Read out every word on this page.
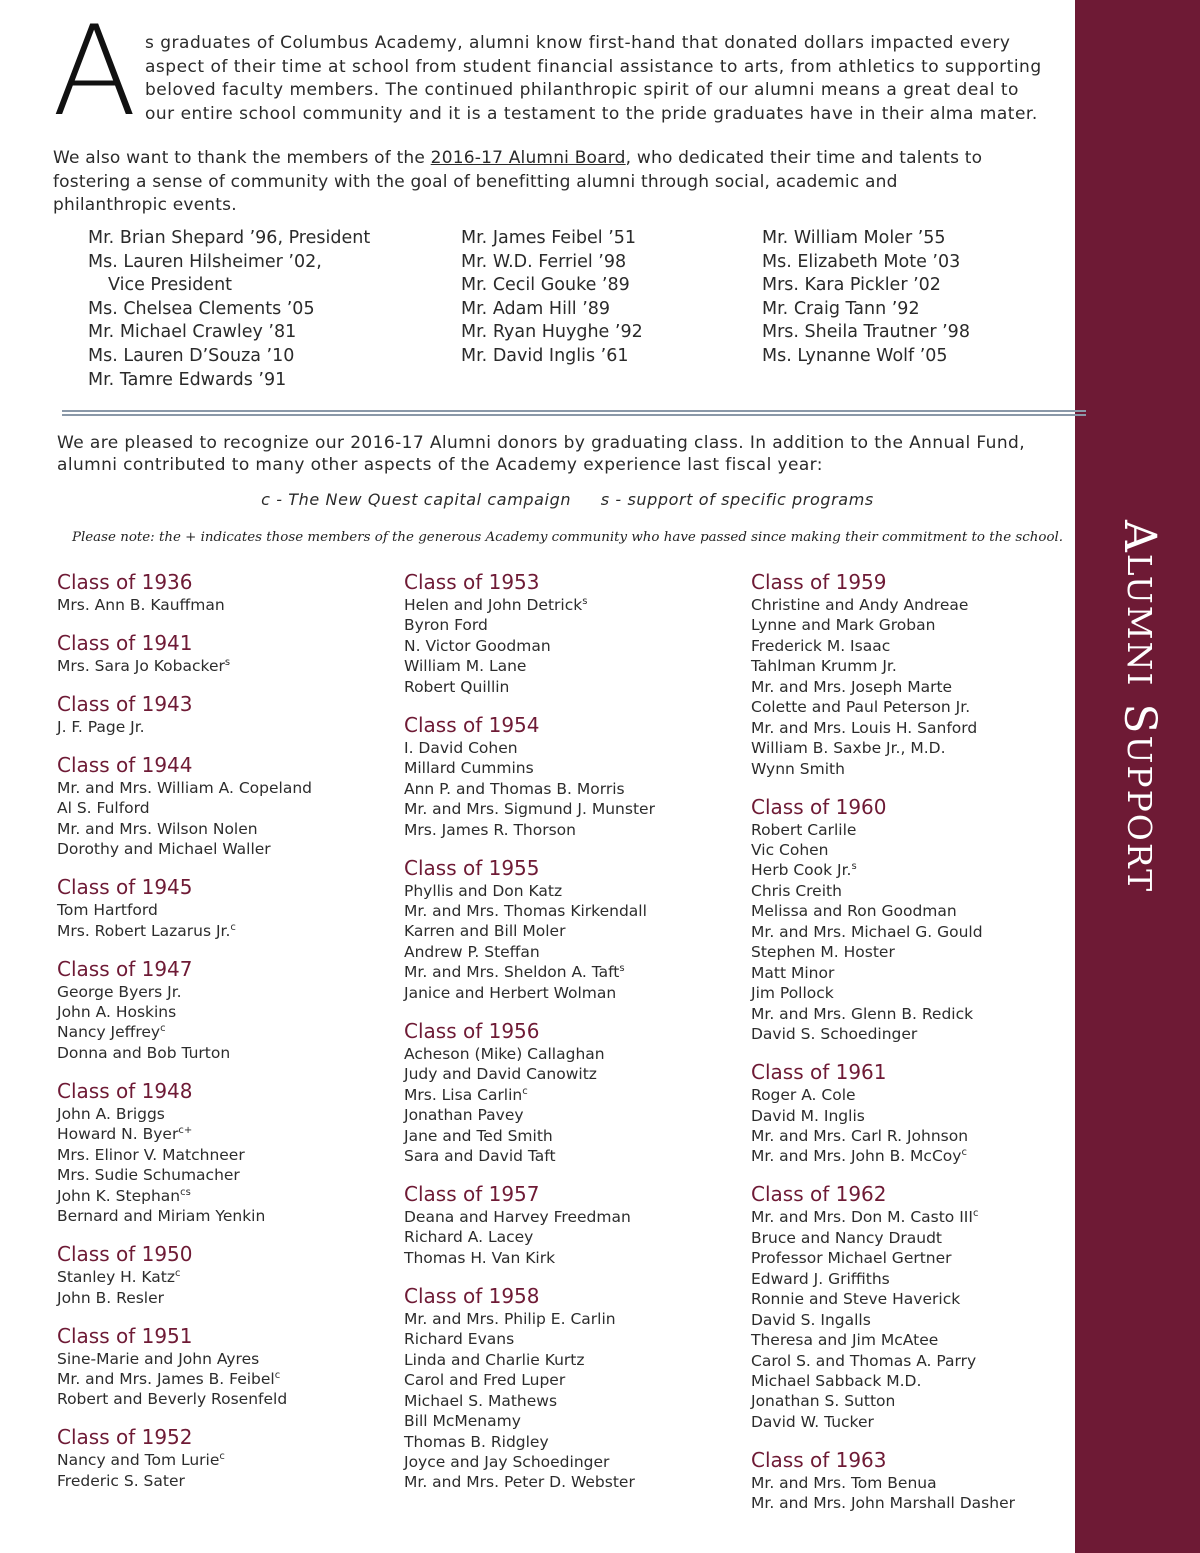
ALUMNI SUPPORT
A s graduates of Columbus Academy, alumni know first-hand that donated dollars impacted every

aspect of their time at school from student financial assistance to arts, from athletics to supporting

beloved faculty members. The continued philanthropic spirit of our alumni means a great deal to

our entire school community and it is a testament to the pride graduates have in their alma mater.

We also want to thank the members of the 2016-17 Alumni Board, who dedicated their time and talents to

fostering a sense of community with the goal of benefitting alumni through social, academic and

philanthropic events.

Mr. Brian Shepard ’96, President
Ms. Lauren Hilsheimer ’02,
Vice President
Ms. Chelsea Clements ’05
Mr. Michael Crawley ’81
Ms. Lauren D’Souza ’10
Mr. Tamre Edwards ’91
Mr. James Feibel ’51
Mr. W.D. Ferriel ’98
Mr. Cecil Gouke ’89
Mr. Adam Hill ’89
Mr. Ryan Huyghe ’92
Mr. David Inglis ’61
Mr. William Moler ’55
Ms. Elizabeth Mote ’03
Mrs. Kara Pickler ’02
Mr. Craig Tann ’92
Mrs. Sheila Trautner ’98
Ms. Lynanne Wolf ’05

We are pleased to recognize our 2016-17 Alumni donors by graduating class. In addition to the Annual Fund,

alumni contributed to many other aspects of the Academy experience last fiscal year:

c - The New Quest capital campaign s - support of specific programs
Please note: the + indicates those members of the generous Academy community who have passed since making their commitment to the school.
Class of 1936
Mrs. Ann B. Kauffman
Class of 1941
Mrs. Sara Jo Kobacker$^s$
Class of 1943
J. F. Page Jr.
Class of 1944
Mr. and Mrs. William A. Copeland
Al S. Fulford
Mr. and Mrs. Wilson Nolen
Dorothy and Michael Waller
Class of 1945
Tom Hartford
Mrs. Robert Lazarus Jr.$^c$
Class of 1947
George Byers Jr.
John A. Hoskins
Nancy Jeffrey$^c$
Donna and Bob Turton
Class of 1948
John A. Briggs
Howard N. Byer$^{c+}$
Mrs. Elinor V. Matchneer
Mrs. Sudie Schumacher
John K. Stephan$^{cs}$
Bernard and Miriam Yenkin
Class of 1950
Stanley H. Katz$^c$
John B. Resler
Class of 1951
Sine-Marie and John Ayres
Mr. and Mrs. James B. Feibel$^c$
Robert and Beverly Rosenfeld
Class of 1952
Nancy and Tom Lurie$^c$
Frederic S. Sater
Class of 1953
Helen and John Detrick$^s$
Byron Ford
N. Victor Goodman
William M. Lane
Robert Quillin
Class of 1954
I. David Cohen
Millard Cummins
Ann P. and Thomas B. Morris
Mr. and Mrs. Sigmund J. Munster
Mrs. James R. Thorson
Class of 1955
Phyllis and Don Katz
Mr. and Mrs. Thomas Kirkendall
Karren and Bill Moler
Andrew P. Steffan
Mr. and Mrs. Sheldon A. Taft$^s$
Janice and Herbert Wolman
Class of 1956
Acheson (Mike) Callaghan
Judy and David Canowitz
Mrs. Lisa Carlin$^c$
Jonathan Pavey
Jane and Ted Smith
Sara and David Taft
Class of 1957
Deana and Harvey Freedman
Richard A. Lacey
Thomas H. Van Kirk
Class of 1958
Mr. and Mrs. Philip E. Carlin
Richard Evans
Linda and Charlie Kurtz
Carol and Fred Luper
Michael S. Mathews
Bill McMenamy
Thomas B. Ridgley
Joyce and Jay Schoedinger
Mr. and Mrs. Peter D. Webster
Class of 1959
Christine and Andy Andreae
Lynne and Mark Groban
Frederick M. Isaac
Tahlman Krumm Jr.
Mr. and Mrs. Joseph Marte
Colette and Paul Peterson Jr.
Mr. and Mrs. Louis H. Sanford
William B. Saxbe Jr., M.D.
Wynn Smith
Class of 1960
Robert Carlile
Vic Cohen
Herb Cook Jr.$^s$
Chris Creith
Melissa and Ron Goodman
Mr. and Mrs. Michael G. Gould
Stephen M. Hoster
Matt Minor
Jim Pollock
Mr. and Mrs. Glenn B. Redick
David S. Schoedinger
Class of 1961
Roger A. Cole
David M. Inglis
Mr. and Mrs. Carl R. Johnson
Mr. and Mrs. John B. McCoy$^c$
Class of 1962
Mr. and Mrs. Don M. Casto III$^c$
Bruce and Nancy Draudt
Professor Michael Gertner
Edward J. Griffiths
Ronnie and Steve Haverick
David S. Ingalls
Theresa and Jim McAtee
Carol S. and Thomas A. Parry
Michael Sabback M.D.
Jonathan S. Sutton
David W. Tucker
Class of 1963
Mr. and Mrs. Tom Benua
Mr. and Mrs. John Marshall Dasher
